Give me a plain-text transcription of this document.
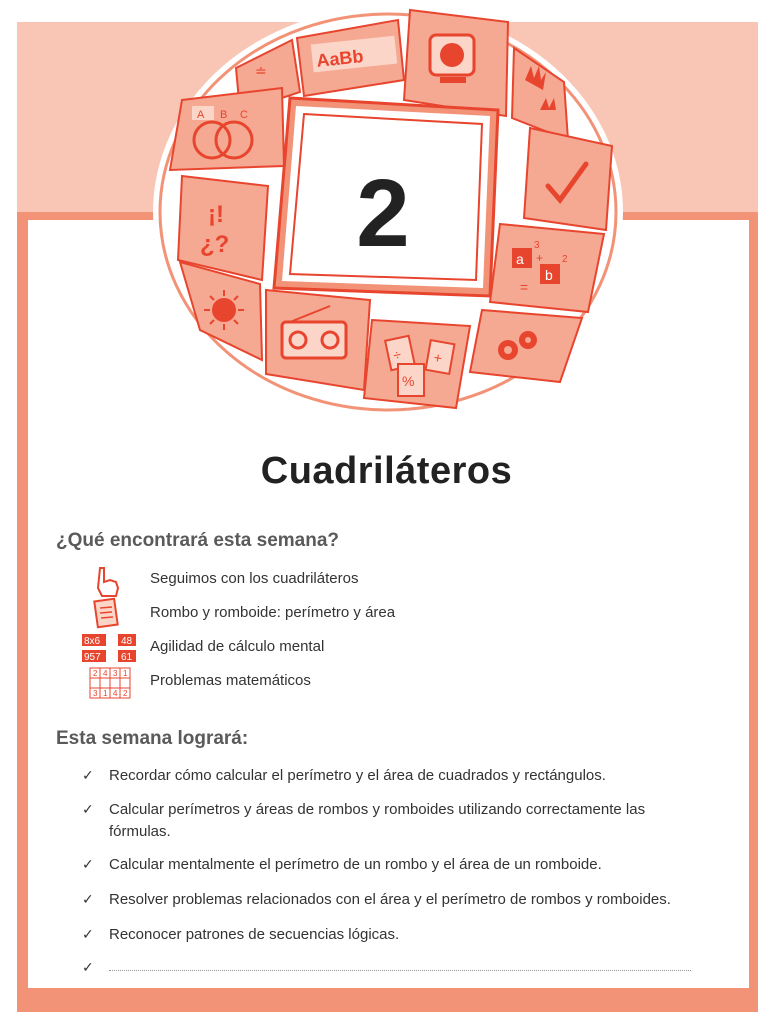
≐
AaBb
A B C
¡!
¿?
a
3
b
2
+
=
÷ +
%
2
Cuadriláteros
¿Qué encontrará esta semana?
Seguimos con los cuadriláteros
Rombo y romboide: perímetro y área
8x6 48
957 61
Agilidad de cálculo mental
2 4 3 1
3 1 4 2
Problemas matemáticos
Esta semana logrará:
✓ Recordar cómo calcular el perímetro y el área de cuadrados y rectángulos.
✓ Calcular perímetros y áreas de rombos y romboides utilizando correctamente las fórmulas.
✓ Calcular mentalmente el perímetro de un rombo y el área de un romboide.
✓ Resolver problemas relacionados con el área y el perímetro de rombos y romboides.
✓ Reconocer patrones de secuencias lógicas.
✓
